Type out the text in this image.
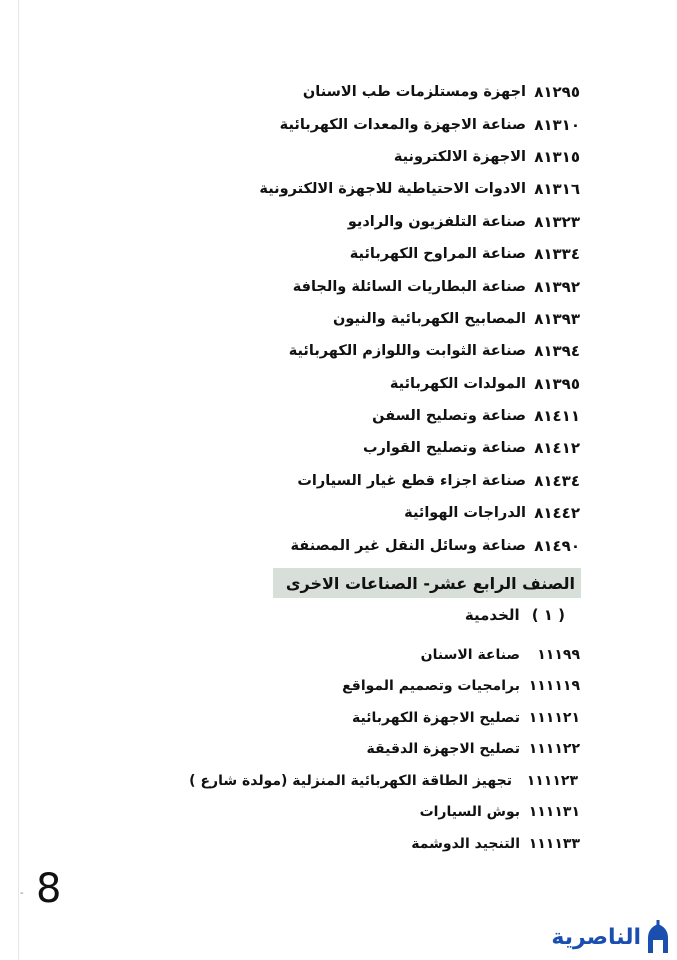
٨١٢٩٥
اجهزة ومستلزمات طب الاسنان
٨١٣١٠
صناعة الاجهزة والمعدات الكهربائية
٨١٣١٥
الاجهزة الالكترونية
٨١٣١٦
الادوات الاحتياطية للاجهزة الالكترونية
٨١٣٢٣
صناعة التلفزيون والراديو
٨١٣٣٤
صناعة المراوح الكهربائية
٨١٣٩٢
صناعة البطاريات السائلة والجافة
٨١٣٩٣
المصابيح الكهربائية والنيون
٨١٣٩٤
صناعة الثوابت واللوازم الكهربائية
٨١٣٩٥
المولدات الكهربائية
٨١٤١١
صناعة وتصليح السفن
٨١٤١٢
صناعة وتصليح القوارب
٨١٤٣٤
صناعة اجزاء قطع غيار السيارات
٨١٤٤٢
الدراجات الهوائية
٨١٤٩٠
صناعة وسائل النقل غير المصنفة
الصنف الرابع عشر- الصناعات الاخرى
( ١ )الخدمية
١١١٩٩
صناعة الاسنان
١١١١١٩
برامجيات وتصميم المواقع
١١١١٢١
تصليح الاجهزة الكهربائية
١١١١٢٢
تصليح الاجهزة الدقيقة
١١١١٢٣
تجهيز الطاقة الكهربائية المنزلية (مولدة شارع )
١١١١٣١
بوش السيارات
١١١١٣٣
التنجيد الدوشمة
- 8
الناصرية
